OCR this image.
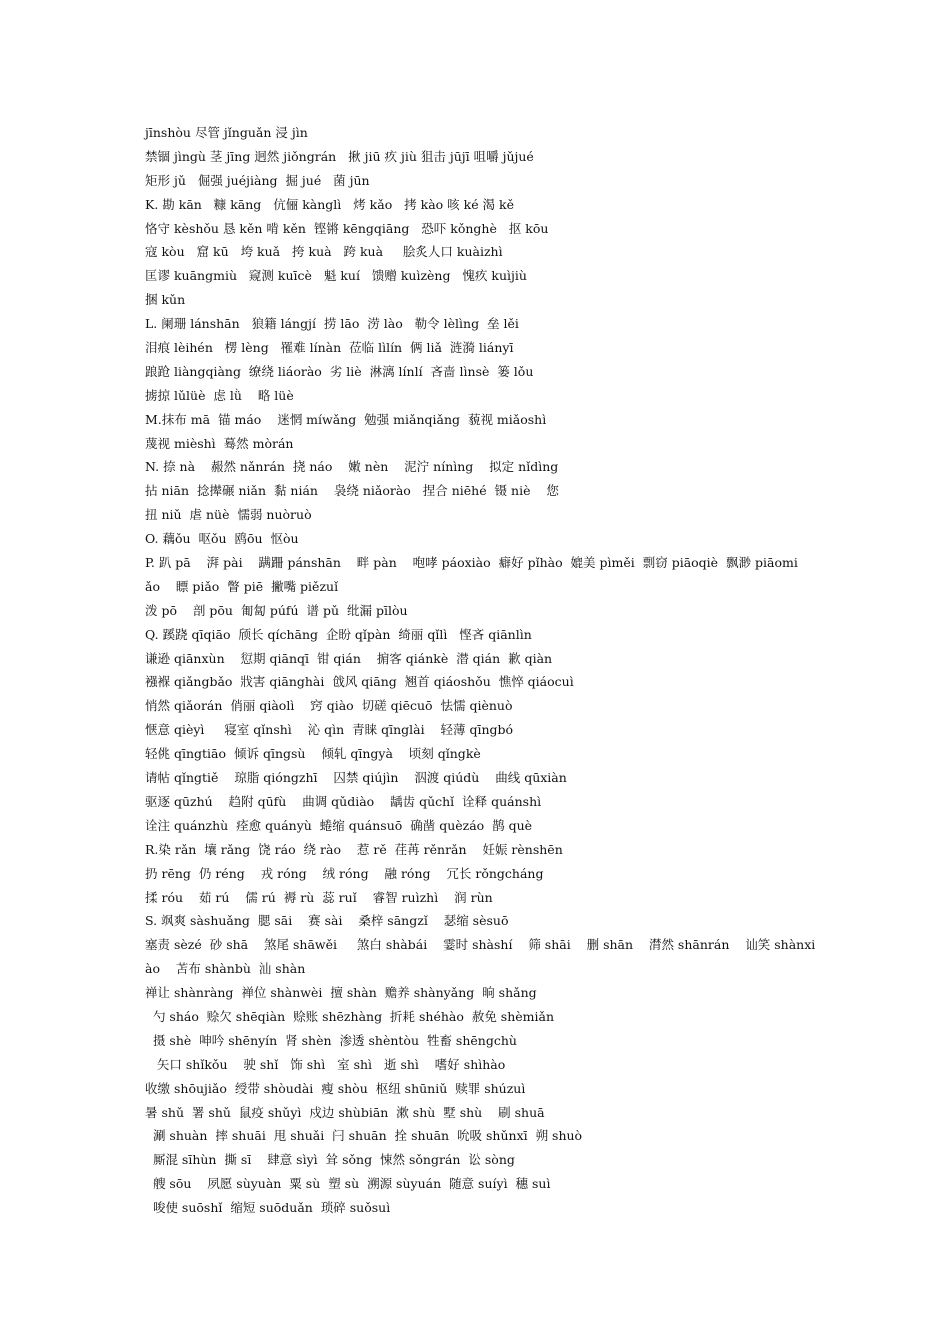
jīnshòu 尽管 jǐnguǎn 浸 jìn
禁锢 jìngù 茎 jīng 迥然 jiǒngrán   揪 jiū 疚 jiù 狙击 jūjī 咀嚼 jǔjué
矩形 jǔ   倔强 juéjiàng  掘 jué   菌 jūn
K. 勘 kān   糠 kāng   伉俪 kànglì   烤 kǎo   拷 kào 咳 ké 渴 kě
恪守 kèshǒu 恳 kěn 啃 kěn  铿锵 kēngqiāng   恐吓 kǒnghè   抠 kōu
寇 kòu   窟 kū   垮 kuǎ   挎 kuà   跨 kuà     脍炙人口 kuàizhì
匡谬 kuāngmiù   窥测 kuīcè   魁 kuí   馈赠 kuìzèng   愧疚 kuìjiù
捆 kǔn
L. 阑珊 lánshān   狼籍 lángjí  捞 lāo  涝 lào   勒令 lèlìng  垒 lěi
泪痕 lèihén   楞 lèng   罹难 línàn  莅临 lìlín  俩 liǎ  涟漪 liányī
踉跄 liàngqiàng  缭绕 liáorào  劣 liè  淋漓 línlí  吝啬 lìnsè  篓 lǒu
掳掠 lǔlüè  虑 lǜ    略 lüè
M.抹布 mā  锚 máo    迷惘 míwǎng  勉强 miǎnqiǎng  藐视 miǎoshì
蔑视 mièshì  蓦然 mòrán
N. 捺 nà    赧然 nǎnrán  挠 náo    嫩 nèn    泥泞 nínìng    拟定 nǐdìng
拈 niān  捻撵碾 niǎn  黏 nián    袅绕 niǎorào   捏合 niēhé  镊 niè    您
扭 niǔ  虐 nüè  懦弱 nuòruò
O. 藕ǒu  呕ǒu  鸥ōu  怄òu
P. 趴 pā    湃 pài    蹒跚 pánshān    畔 pàn    咆哮 páoxiào  癖好 pǐhào  媲美 pìměi  剽窃 piāoqiè  飘渺 piāomi
ǎo    瞟 piǎo  瞥 piē  撇嘴 piězuǐ
泼 pō    剖 pōu  匍匐 púfú  谱 pǔ  纰漏 pīlòu
Q. 蹊跷 qīqiāo  颀长 qíchāng  企盼 qǐpàn  绮丽 qǐlì   悭吝 qiānlìn
谦逊 qiānxùn    愆期 qiānqī  钳 qián    掮客 qiánkè  潜 qián  歉 qiàn
襁褓 qiǎngbǎo  戕害 qiānghài  戗风 qiāng  翘首 qiáoshǒu  憔悴 qiáocuì
悄然 qiǎorán  俏丽 qiàolì    窍 qiào  切磋 qiēcuō  怯懦 qiènuò
惬意 qièyì     寝室 qǐnshì    沁 qìn  青睐 qīnglài    轻薄 qīngbó
轻佻 qīngtiāo  倾诉 qīngsù    倾轧 qīngyà    顷刻 qǐngkè
请帖 qǐngtiě    琼脂 qióngzhī    囚禁 qiújìn    泅渡 qiúdù    曲线 qūxiàn
驱逐 qūzhú    趋附 qūfù    曲调 qǔdiào    龋齿 qǔchǐ  诠释 quánshì
诠注 quánzhù  痊愈 quányù  蜷缩 quánsuō  确凿 quèzáo  鹊 què
R.染 rǎn  壤 rǎng  饶 ráo  绕 rào    惹 rě  荏苒 rěnrǎn    妊娠 rènshēn
扔 rēng  仍 réng    戎 róng    绒 róng    融 róng    冗长 rǒngcháng
揉 róu    茹 rú    儒 rú  褥 rù  蕊 ruǐ    睿智 ruìzhì    润 rùn
S. 飒爽 sàshuǎng  腮 sāi    赛 sài    桑梓 sāngzǐ    瑟缩 sèsuō
塞责 sèzé  砂 shā    煞尾 shāwěi     煞白 shàbái    霎时 shàshí    筛 shāi    删 shān    潸然 shānrán    讪笑 shànxi
ào    苫布 shànbù  汕 shàn
禅让 shànràng  禅位 shànwèi  擅 shàn  赡养 shànyǎng  晌 shǎng
勺 sháo  赊欠 shēqiàn  赊账 shēzhàng  折耗 shéhào  赦免 shèmiǎn
摄 shè  呻吟 shēnyín  肾 shèn  渗透 shèntòu  牲畜 shēngchù
矢口 shǐkǒu    驶 shǐ   饰 shì   室 shì   逝 shì    嗜好 shìhào
收缴 shōujiǎo  绶带 shòudài  瘦 shòu  枢纽 shūniǔ  赎罪 shúzuì
暑 shǔ  署 shǔ  鼠疫 shǔyì  戍边 shùbiān  漱 shù  墅 shù    刷 shuā
涮 shuàn  摔 shuāi  甩 shuǎi  闩 shuān  拴 shuān  吮吸 shǔnxī  朔 shuò
厮混 sīhùn  撕 sī    肆意 sìyì  耸 sǒng  悚然 sǒngrán  讼 sòng
艘 sōu    夙愿 sùyuàn  粟 sù  塑 sù  溯源 sùyuán  随意 suíyì  穗 suì
唆使 suōshǐ  缩短 suōduǎn  琐碎 suǒsuì
